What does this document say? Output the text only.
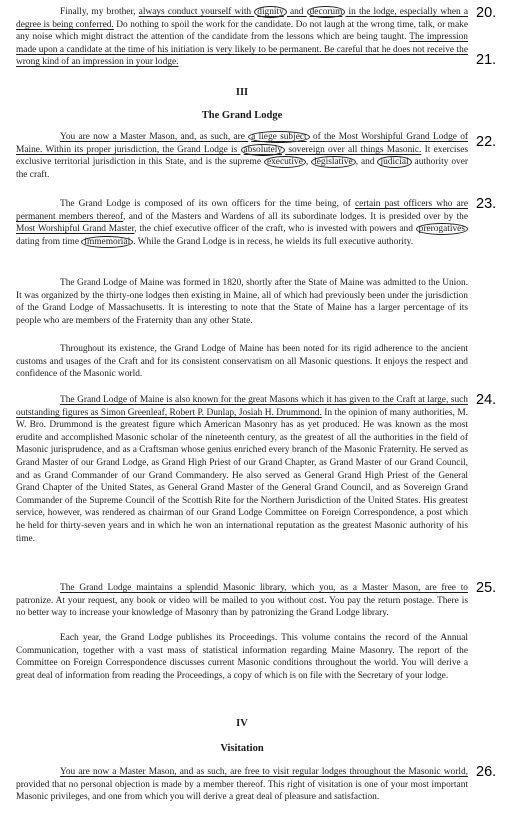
Finally, my brother, always conduct yourself with dignity and decorum in the lodge, especially when a degree is being conferred. Do nothing to spoil the work for the candidate. Do not laugh at the wrong time, talk, or make any noise which might distract the attention of the candidate from the lessons which are being taught. The impression made upon a candidate at the time of his initiation is very likely to be permanent. Be careful that he does not receive the wrong kind of an impression in your lodge.

20.
21.

III

The Grand Lodge

You are now a Master Mason, and, as such, are a liege subject of the Most Worshipful Grand Lodge of Maine. Within its proper jurisdiction, the Grand Lodge is absolutely sovereign over all things Masonic. It exercises exclusive territorial jurisdiction in this State, and is the supreme executive , legislative , and judicial authority over the craft.

22.

The Grand Lodge is composed of its own officers for the time being, of certain past officers who are permanent members thereof, and of the Masters and Wardens of all its subordinate lodges. It is presided over by the Most Worshipful Grand Master, the chief executive officer of the craft, who is invested with powers and prerogatives dating from time immemorial . While the Grand Lodge is in recess, he wields its full executive authority.

23.

The Grand Lodge of Maine was formed in 1820, shortly after the State of Maine was admitted to the Union. It was organized by the thirty-one lodges then existing in Maine, all of which had previously been under the jurisdiction of the Grand Lodge of Massachusetts. It is interesting to note that the State of Maine has a larger percentage of its people who are members of the Fraternity than any other State.

Throughout its existence, the Grand Lodge of Maine has been noted for its rigid adherence to the ancient customs and usages of the Craft and for its consistent conservatism on all Masonic questions. It enjoys the respect and confidence of the Masonic world.

The Grand Lodge of Maine is also known for the great Masons which it has given to the Craft at large, such outstanding figures as Simon Greenleaf, Robert P. Dunlap, Josiah H. Drummond. In the opinion of many authorities, M. W. Bro. Drummond is the greatest figure which American Masonry has as yet produced. He was known as the most erudite and accomplished Masonic scholar of the nineteenth century, as the greatest of all the authorities in the field of Masonic jurisprudence, and as a Craftsman whose genius enriched every branch of the Masonic Fraternity. He served as Grand Master of our Grand Lodge, as Grand High Priest of our Grand Chapter, as Grand Master of our Grand Council, and as Grand Commander of our Grand Commandery. He also served as General Grand High Priest of the General Grand Chapter of the United States, as General Grand Master of the General Grand Council, and as Sovereign Grand Commander of the Supreme Council of the Scottish Rite for the Northern Jurisdiction of the United States. His greatest service, however, was rendered as chairman of our Grand Lodge Committee on Foreign Correspondence, a post which he held for thirty-seven years and in which he won an international reputation as the greatest Masonic authority of his time.

24.

The Grand Lodge maintains a splendid Masonic library, which you, as a Master Mason, are free to patronize. At your request, any book or video will be mailed to you without cost. You pay the return postage. There is no better way to increase your knowledge of Masonry than by patronizing the Grand Lodge library.

25.

Each year, the Grand Lodge publishes its Proceedings. This volume contains the record of the Annual Communication, together with a vast mass of statistical information regarding Maine Masonry. The report of the Committee on Foreign Correspondence discusses current Masonic conditions throughout the world. You will derive a great deal of information from reading the Proceedings, a copy of which is on file with the Secretary of your lodge.

IV

Visitation

You are now a Master Mason, and as such, are free to visit regular lodges throughout the Masonic world, provided that no personal objection is made by a member thereof. This right of visitation is one of your most important Masonic privileges, and one from which you will derive a great deal of pleasure and satisfaction.

26.
